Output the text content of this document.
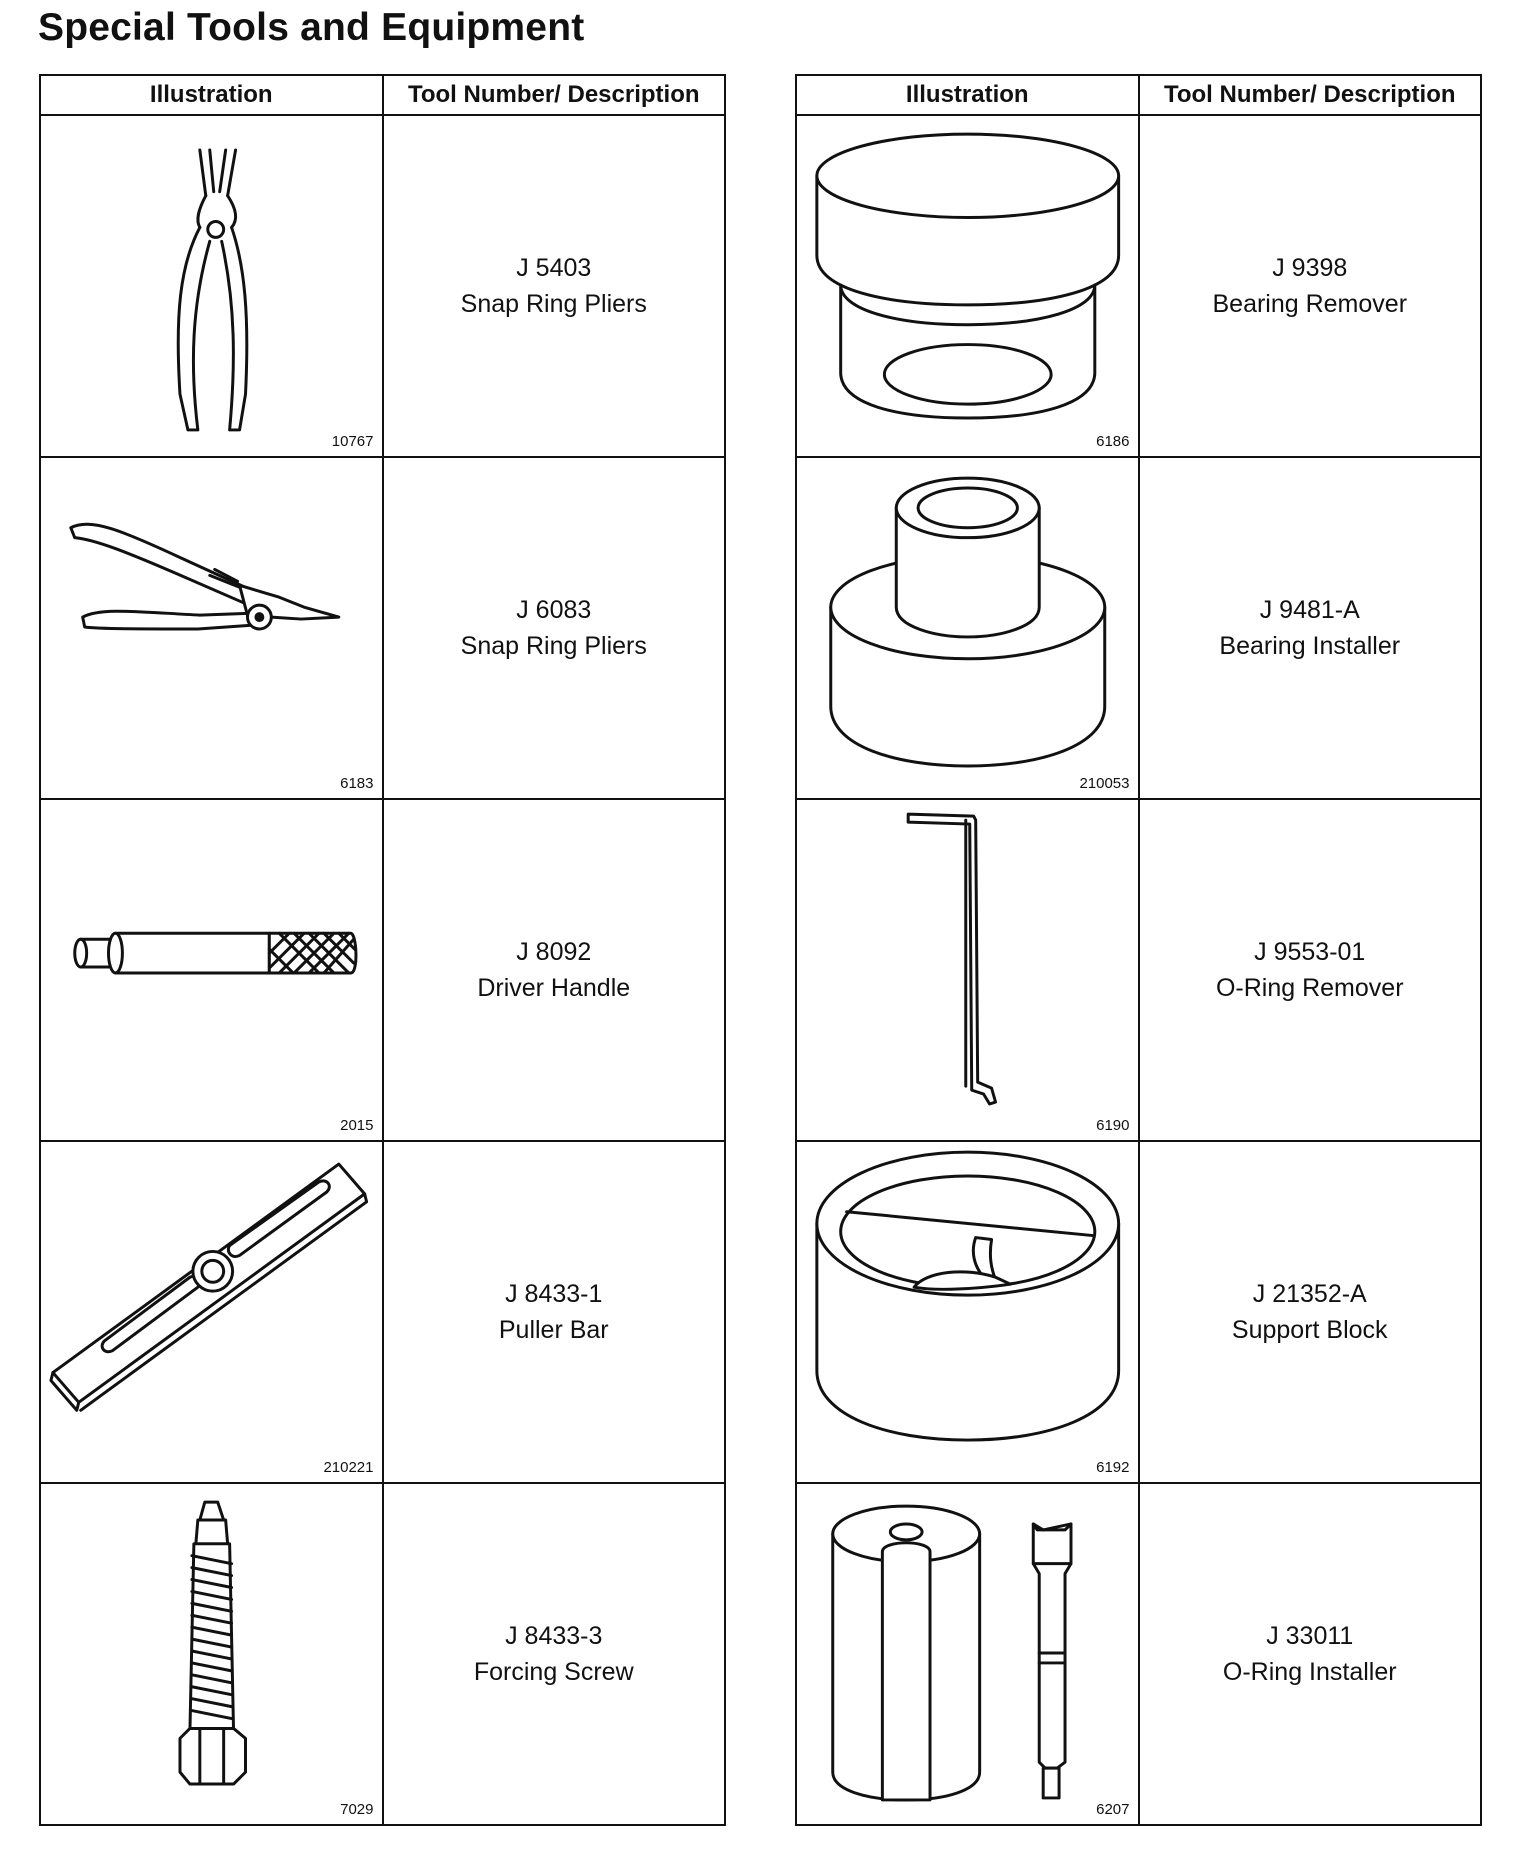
Special Tools and Equipment
Illustration	Tool Number/ Description

10767	J 5403
Snap Ring Pliers

6183	J 6083
Snap Ring Pliers

2015	J 8092
Driver Handle

210221	J 8433-1
Puller Bar

7029	J 8433-3
Forcing Screw
Illustration	Tool Number/ Description

6186	J 9398
Bearing Remover

210053	J 9481-A
Bearing Installer

6190	J 9553-01
O-Ring Remover

6192	J 21352-A
Support Block

6207	J 33011
O-Ring Installer
